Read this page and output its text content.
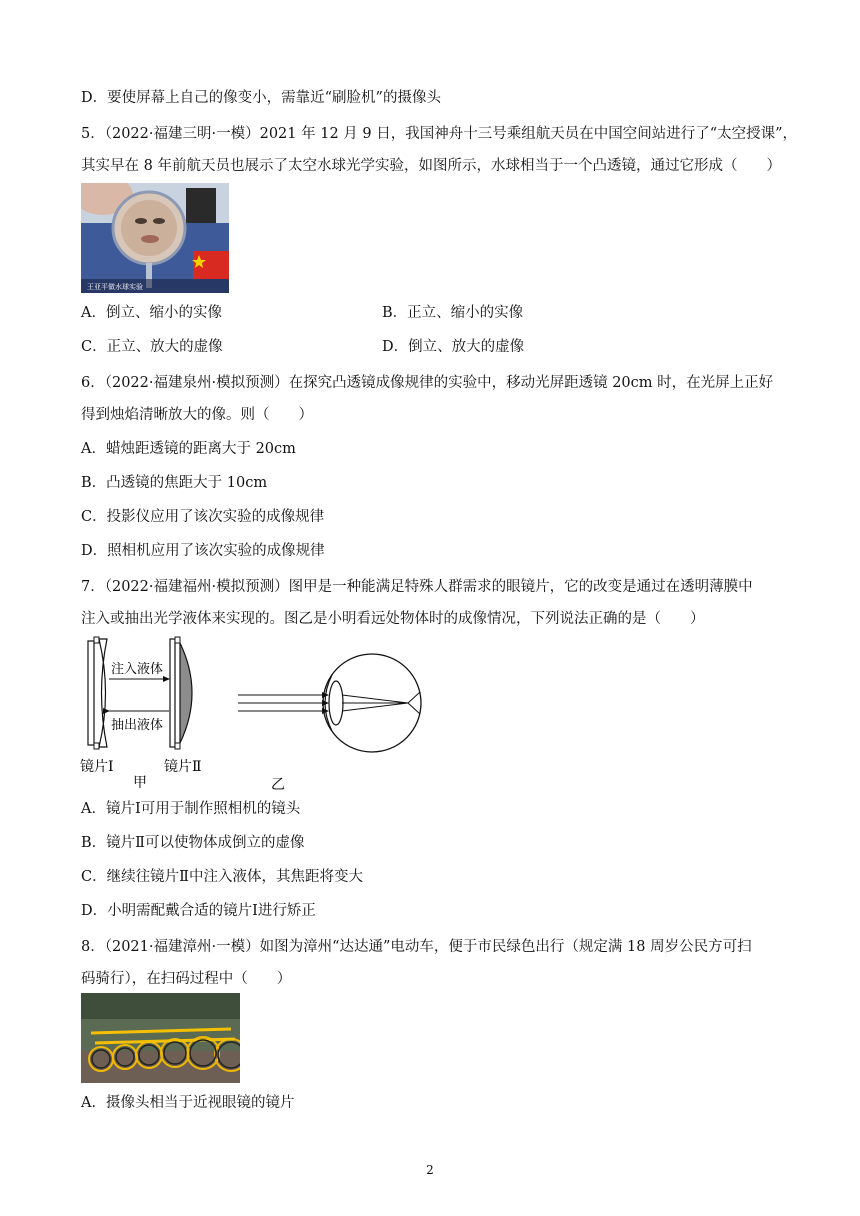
D．要使屏幕上自己的像变小，需靠近“刷脸机”的摄像头
5．（2022·福建三明·一模）2021 年 12 月 9 日，我国神舟十三号乘组航天员在中国空间站进行了“太空授课”，
其实早在 8 年前航天员也展示了太空水球光学实验，如图所示，水球相当于一个凸透镜，通过它形成（　　）
王亚平做水球实验
A．倒立、缩小的实像	B．正立、缩小的实像
C．正立、放大的虚像	D．倒立、放大的虚像
6．（2022·福建泉州·模拟预测）在探究凸透镜成像规律的实验中，移动光屏距透镜 20cm 时，在光屏上正好
得到烛焰清晰放大的像。则（　　）
A．蜡烛距透镜的距离大于 20cm
B．凸透镜的焦距大于 10cm
C．投影仪应用了该次实验的成像规律
D．照相机应用了该次实验的成像规律
7．（2022·福建福州·模拟预测）图甲是一种能满足特殊人群需求的眼镜片，它的改变是通过在透明薄膜中
注入或抽出光学液体来实现的。图乙是小明看远处物体时的成像情况，下列说法正确的是（　　）
注入液体
抽出液体
镜片Ⅰ	镜片Ⅱ
甲	乙
A．镜片Ⅰ可用于制作照相机的镜头
B．镜片Ⅱ可以使物体成倒立的虚像
C．继续往镜片Ⅱ中注入液体，其焦距将变大
D．小明需配戴合适的镜片Ⅰ进行矫正
8．（2021·福建漳州·一模）如图为漳州“达达通”电动车，便于市民绿色出行（规定满 18 周岁公民方可扫
码骑行），在扫码过程中（　　）
A．摄像头相当于近视眼镜的镜片
2
